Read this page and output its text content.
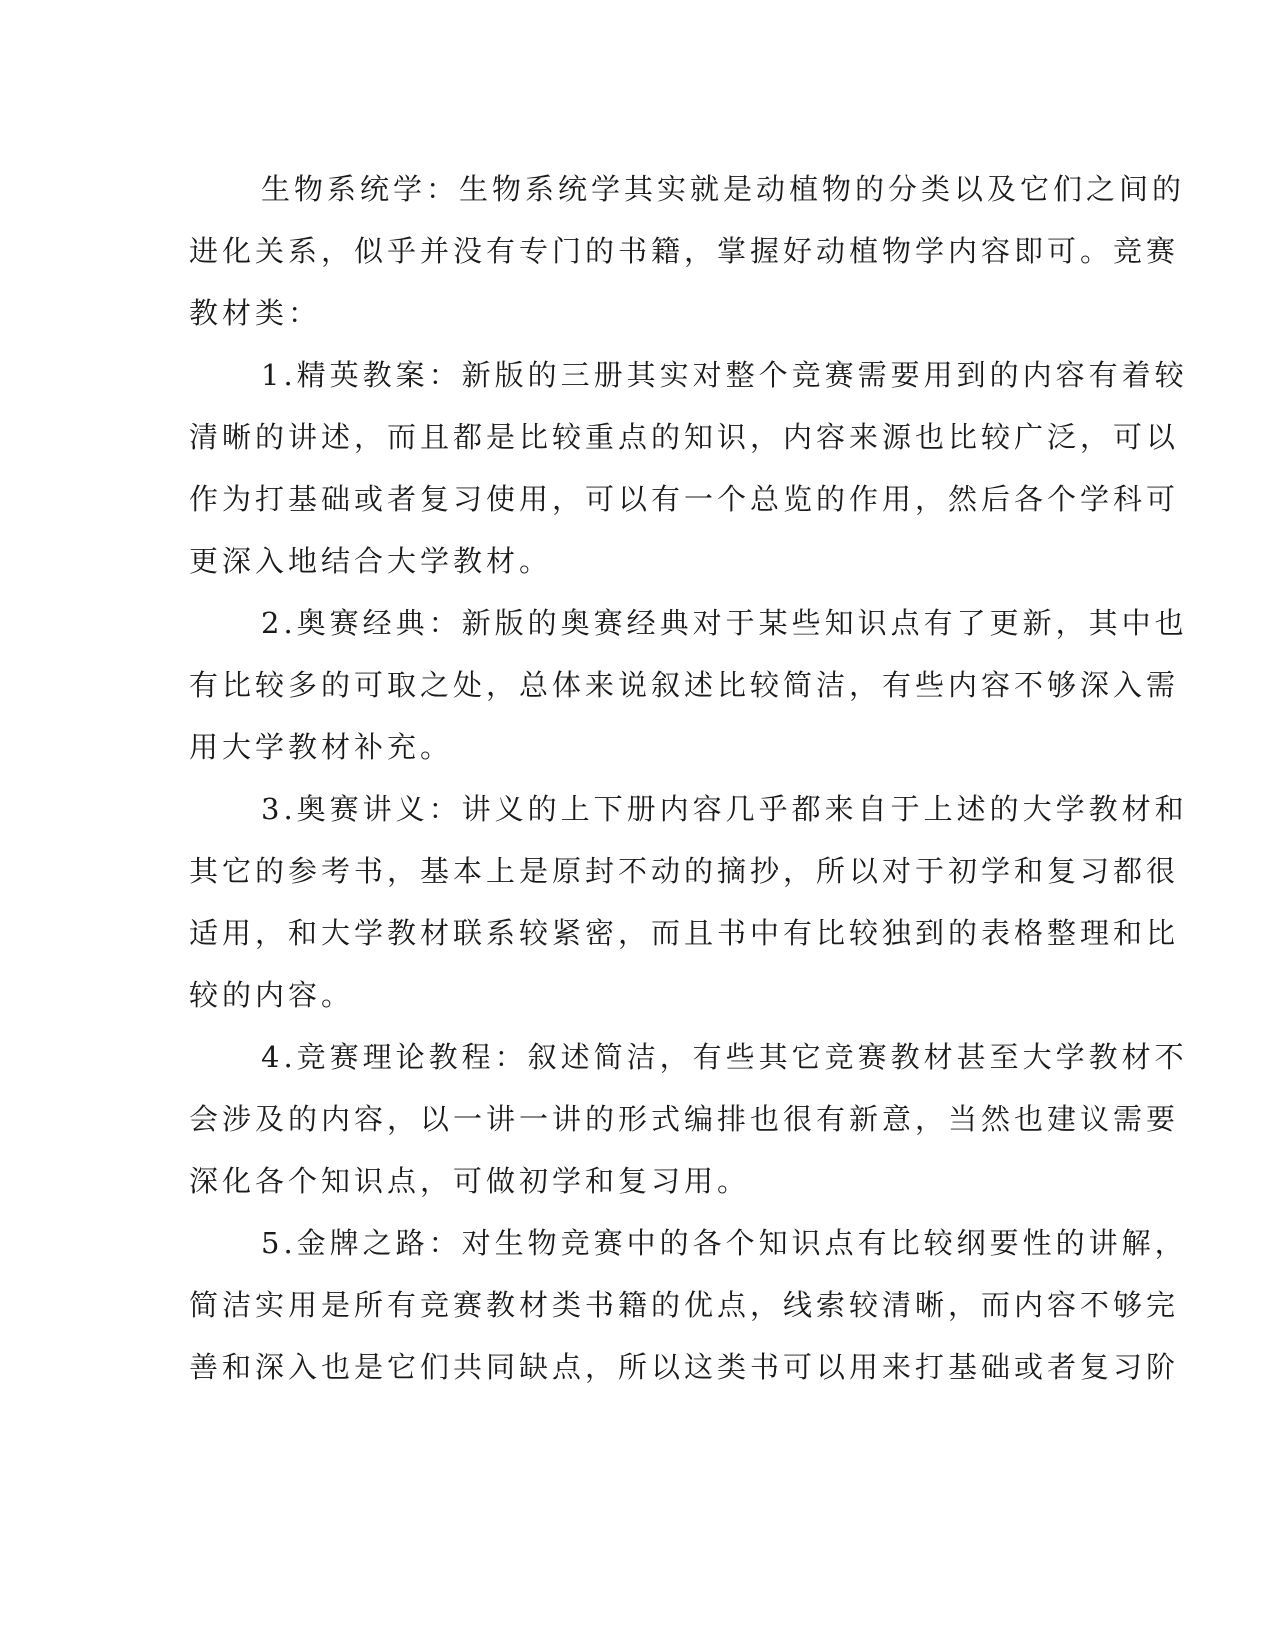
生物系统学：生物系统学其实就是动植物的分类以及它们之间的
进化关系，似乎并没有专门的书籍，掌握好动植物学内容即可。竞赛
教材类：
1.精英教案：新版的三册其实对整个竞赛需要用到的内容有着较
清晰的讲述，而且都是比较重点的知识，内容来源也比较广泛，可以
作为打基础或者复习使用，可以有一个总览的作用，然后各个学科可
更深入地结合大学教材。
2.奥赛经典：新版的奥赛经典对于某些知识点有了更新，其中也
有比较多的可取之处，总体来说叙述比较简洁，有些内容不够深入需
用大学教材补充。
3.奥赛讲义：讲义的上下册内容几乎都来自于上述的大学教材和
其它的参考书，基本上是原封不动的摘抄，所以对于初学和复习都很
适用，和大学教材联系较紧密，而且书中有比较独到的表格整理和比
较的内容。
4.竞赛理论教程：叙述简洁，有些其它竞赛教材甚至大学教材不
会涉及的内容，以一讲一讲的形式编排也很有新意，当然也建议需要
深化各个知识点，可做初学和复习用。
5.金牌之路：对生物竞赛中的各个知识点有比较纲要性的讲解，
简洁实用是所有竞赛教材类书籍的优点，线索较清晰，而内容不够完
善和深入也是它们共同缺点，所以这类书可以用来打基础或者复习阶
